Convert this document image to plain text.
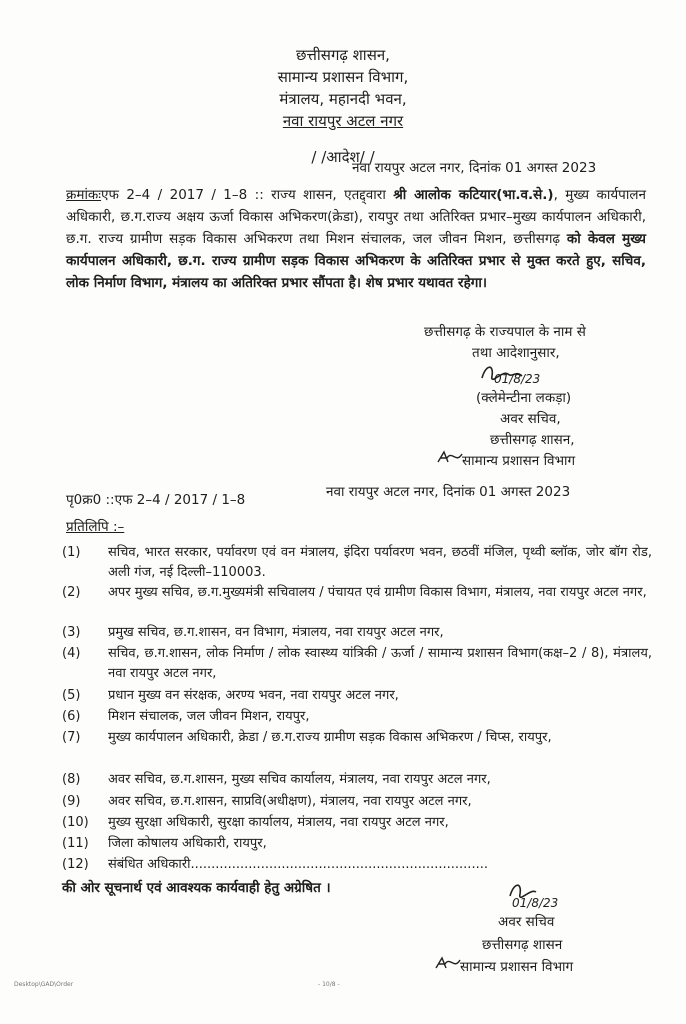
छत्तीसगढ़ शासन,
सामान्य प्रशासन विभाग,
मंत्रालय, महानदी भवन,
नवा रायपुर अटल नगर
/ /आदेश/ /
नवा रायपुर अटल नगर, दिनांक 01 अगस्त 2023
क्रमांकःएफ 2–4 / 2017 / 1–8 :: राज्य शासन, एतद्द्वारा श्री आलोक कटियार(भा.व.से.), मुख्य कार्यपालन अधिकारी, छ.ग.राज्य अक्षय ऊर्जा विकास अभिकरण(क्रेडा), रायपुर तथा अतिरिक्त प्रभार–मुख्य कार्यपालन अधिकारी, छ.ग. राज्य ग्रामीण सड़क विकास अभिकरण तथा मिशन संचालक, जल जीवन मिशन, छत्तीसगढ़ को केवल मुख्य कार्यपालन अधिकारी, छ.ग. राज्य ग्रामीण सड़क विकास अभिकरण के अतिरिक्त प्रभार से मुक्त करते हुए, सचिव, लोक निर्माण विभाग, मंत्रालय का अतिरिक्त प्रभार सौंपता है। शेष प्रभार यथावत रहेगा।
छत्तीसगढ़ के राज्यपाल के नाम से
तथा आदेशानुसार,
01/8/23
(क्लेमेन्टीना लकड़ा)
अवर सचिव,
छत्तीसगढ़ शासन,
सामान्य प्रशासन विभाग
पृ0क्र0 ::एफ 2–4 / 2017 / 1–8	नवा रायपुर अटल नगर, दिनांक 01 अगस्त 2023
प्रतिलिपि :–
(1) सचिव, भारत सरकार, पर्यावरण एवं वन मंत्रालय, इंदिरा पर्यावरण भवन, छठवीं मंजिल, पृथ्वी ब्लॉक, जोर बॉग रोड, अली गंज, नई दिल्ली–110003.
(2) अपर मुख्य सचिव, छ.ग.मुख्यमंत्री सचिवालय / पंचायत एवं ग्रामीण विकास विभाग, मंत्रालय, नवा रायपुर अटल नगर,
(3) प्रमुख सचिव, छ.ग.शासन, वन विभाग, मंत्रालय, नवा रायपुर अटल नगर,
(4) सचिव, छ.ग.शासन, लोक निर्माण / लोक स्वास्थ्य यांत्रिकी / ऊर्जा / सामान्य प्रशासन विभाग(कक्ष–2 / 8), मंत्रालय, नवा रायपुर अटल नगर,
(5) प्रधान मुख्य वन संरक्षक, अरण्य भवन, नवा रायपुर अटल नगर,
(6) मिशन संचालक, जल जीवन मिशन, रायपुर,
(7) मुख्य कार्यपालन अधिकारी, क्रेडा / छ.ग.राज्य ग्रामीण सड़क विकास अभिकरण / चिप्स, रायपुर,
(8) अवर सचिव, छ.ग.शासन, मुख्य सचिव कार्यालय, मंत्रालय, नवा रायपुर अटल नगर,
(9) अवर सचिव, छ.ग.शासन, साप्रवि(अधीक्षण), मंत्रालय, नवा रायपुर अटल नगर,
(10) मुख्य सुरक्षा अधिकारी, सुरक्षा कार्यालय, मंत्रालय, नवा रायपुर अटल नगर,
(11) जिला कोषालय अधिकारी, रायपुर,
(12) संबंधित अधिकारी........................................................................
की ओर सूचनार्थ एवं आवश्यक कार्यवाही हेतु अग्रेषित ।
01/8/23
अवर सचिव
छत्तीसगढ़ शासन
सामान्य प्रशासन विभाग
Desktop\GAD\Order	- 10/8 -
